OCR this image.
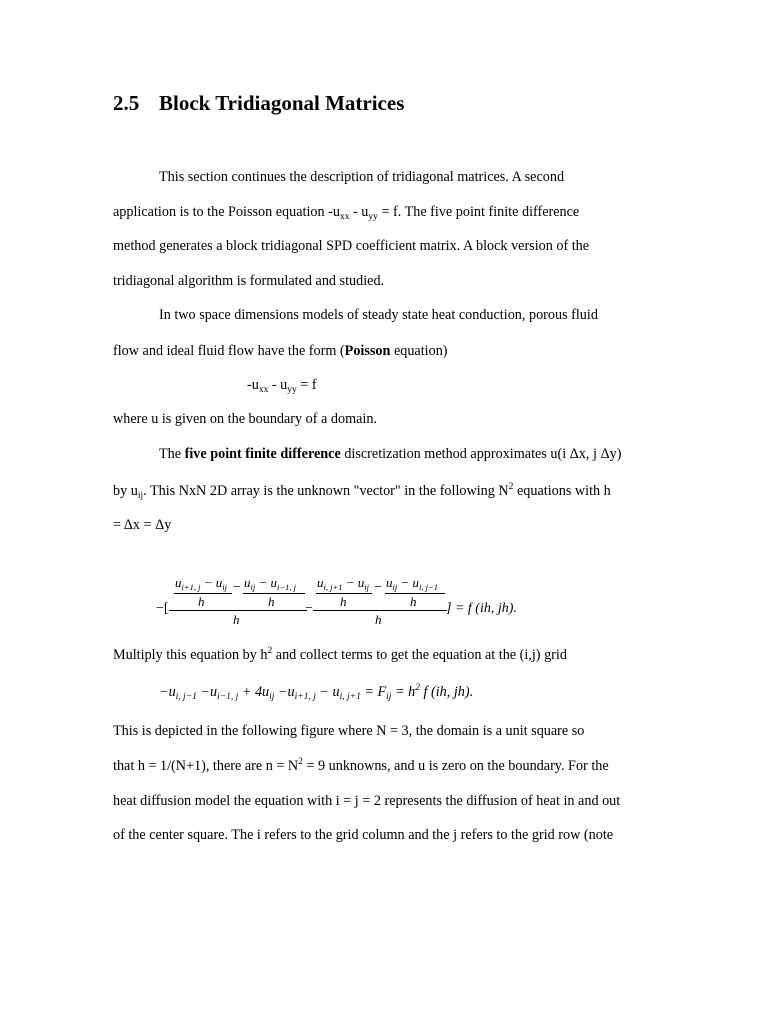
2.5 Block Tridiagonal Matrices
This section continues the description of tridiagonal matrices. A second
application is to the Poisson equation $-u_{xx} - u_{yy} = f$. The five point finite difference
method generates a block tridiagonal SPD coefficient matrix. A block version of the
tridiagonal algorithm is formulated and studied.
In two space dimensions models of steady state heat conduction, porous fluid
flow and ideal fluid flow have the form (Poisson equation)
$-u_{xx} - u_{yy} = f$
where u is given on the boundary of a domain.
The five point finite difference discretization method approximates u(i Δx, j Δy)
by $u_{ij}$. This NxN 2D array is the unknown "vector" in the following $N^2$ equations with h
= Δx = Δy
$u_{i+1, j} - u_{ij} - u_{ij} - u_{i-1, j}$ $u_{i, j+1} - u_{ij} - u_{ij} - u_{i, j-1}$
h	h	h	h
−[	−	] = f (ih, jh).
h	h
Multiply this equation by $h^2$ and collect terms to get the equation at the (i,j) grid
$-u_{i, j-1} -u_{i-1, j} + 4u_{ij} -u_{i+1, j} - u_{i, j+1} = F_{ij} = h^2$ f (ih, jh).
This is depicted in the following figure where N = 3, the domain is a unit square so
that h = 1/(N+1), there are $n = N^2 = 9$ unknowns, and u is zero on the boundary. For the
heat diffusion model the equation with i = j = 2 represents the diffusion of heat in and out
of the center square. The i refers to the grid column and the j refers to the grid row (note
